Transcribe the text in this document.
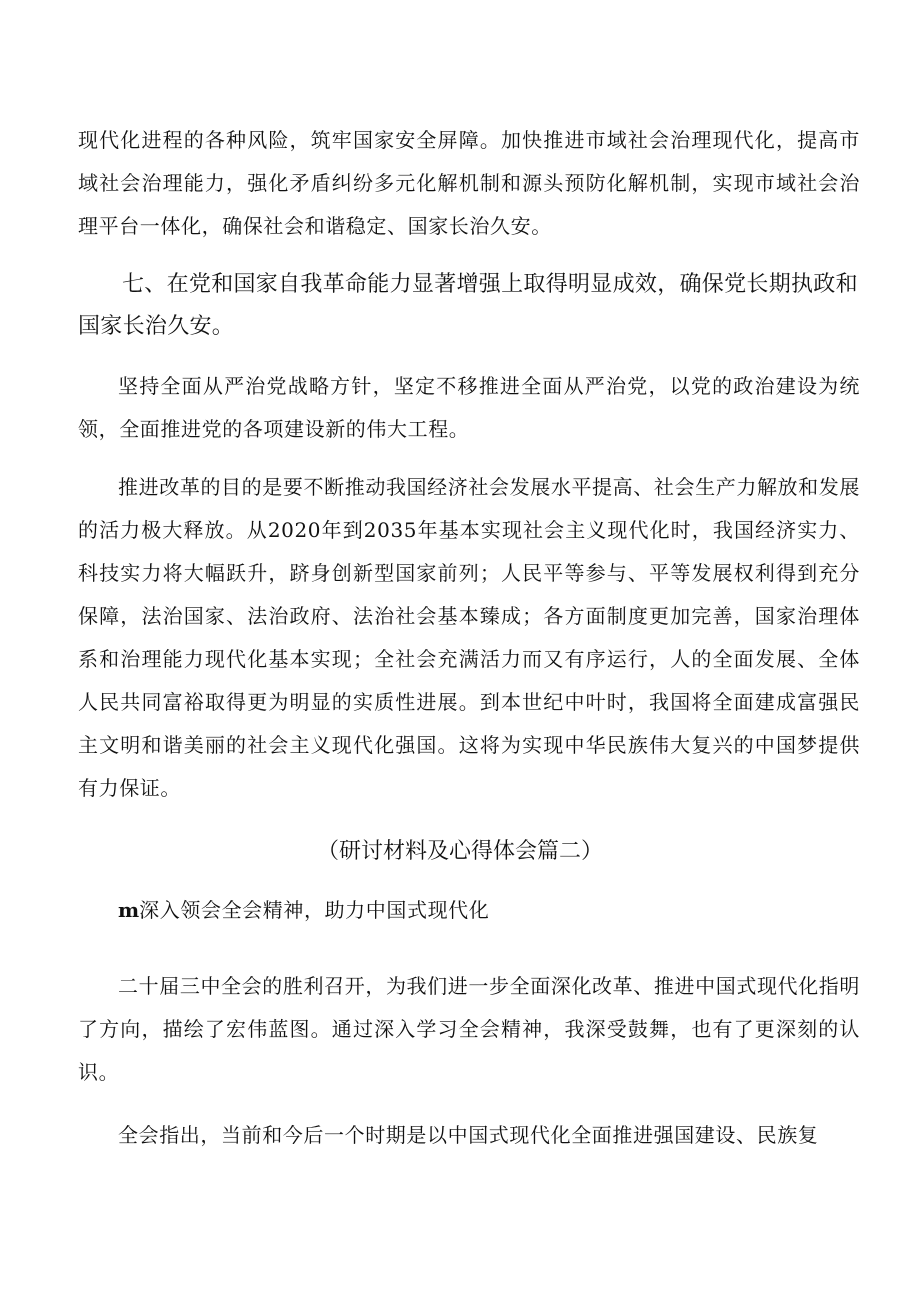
现代化进程的各种风险，筑牢国家安全屏障。加快推进市域社会治理现代化，提高市域社会治理能力，强化矛盾纠纷多元化解机制和源头预防化解机制，实现市域社会治理平台一体化，确保社会和谐稳定、国家长治久安。

七、在党和国家自我革命能力显著增强上取得明显成效，确保党长期执政和国家长治久安。

坚持全面从严治党战略方针，坚定不移推进全面从严治党，以党的政治建设为统领，全面推进党的各项建设新的伟大工程。

推进改革的目的是要不断推动我国经济社会发展水平提高、社会生产力解放和发展的活力极大释放。从2020年到2035年基本实现社会主义现代化时，我国经济实力、科技实力将大幅跃升，跻身创新型国家前列；人民平等参与、平等发展权利得到充分保障，法治国家、法治政府、法治社会基本臻成；各方面制度更加完善，国家治理体系和治理能力现代化基本实现；全社会充满活力而又有序运行，人的全面发展、全体人民共同富裕取得更为明显的实质性进展。到本世纪中叶时，我国将全面建成富强民主文明和谐美丽的社会主义现代化强国。这将为实现中华民族伟大复兴的中国梦提供有力保证。

（研讨材料及心得体会篇二）

m深入领会全会精神，助力中国式现代化

二十届三中全会的胜利召开，为我们进一步全面深化改革、推进中国式现代化指明了方向，描绘了宏伟蓝图。通过深入学习全会精神，我深受鼓舞，也有了更深刻的认识。

全会指出，当前和今后一个时期是以中国式现代化全面推进强国建设、民族复
